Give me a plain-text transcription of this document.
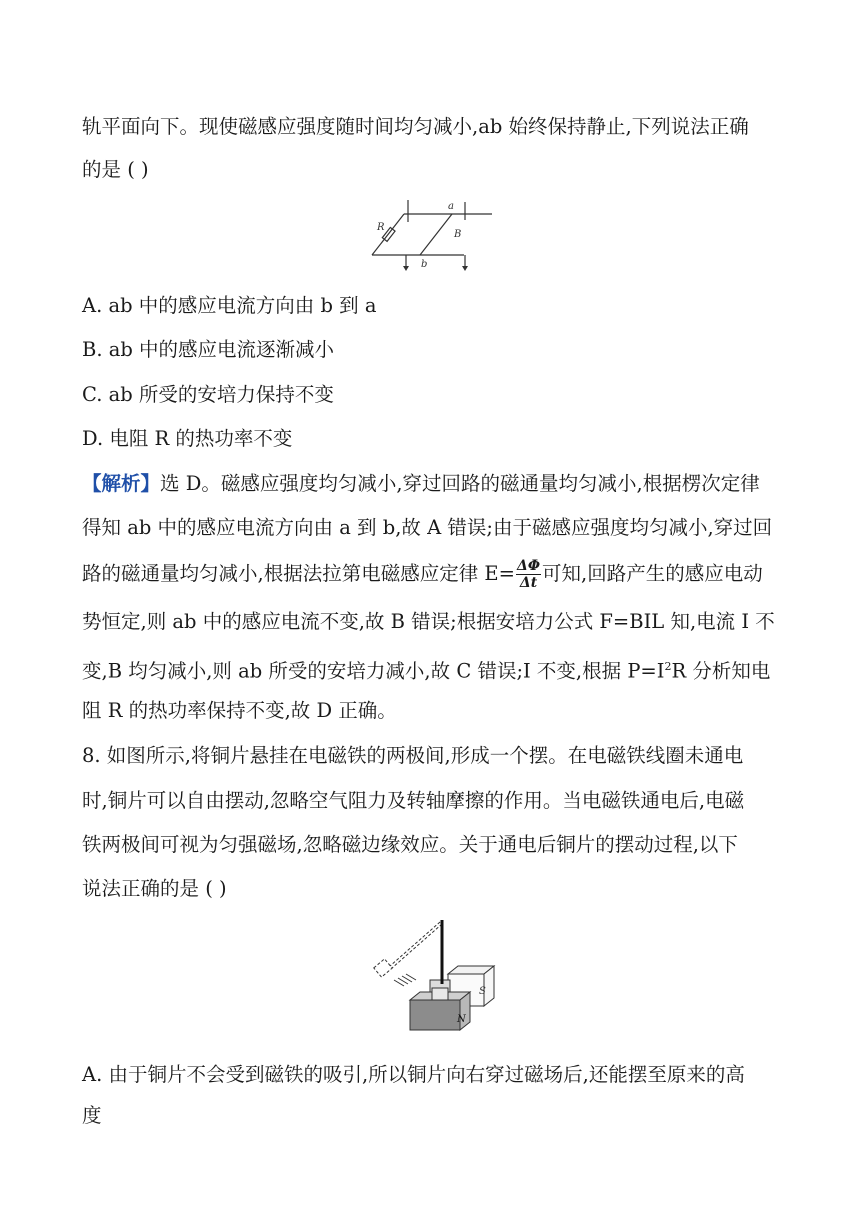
轨平面向下。现使磁感应强度随时间均匀减小,ab 始终保持静止,下列说法正确
的是 ( )
R
a
b
B
A. ab 中的感应电流方向由 b 到 a
B. ab 中的感应电流逐渐减小
C. ab 所受的安培力保持不变
D. 电阻 R 的热功率不变
【解析】选 D。磁感应强度均匀减小,穿过回路的磁通量均匀减小,根据楞次定律
得知 ab 中的感应电流方向由 a 到 b,故 A 错误;由于磁感应强度均匀减小,穿过回
路的磁通量均匀减小,根据法拉第电磁感应定律 $E= \frac{\Delta\Phi}{\Delta t}$ 可知,回路产生的感应电动
势恒定,则 ab 中的感应电流不变,故 B 错误;根据安培力公式 F=BIL 知,电流 I 不
变,B 均匀减小,则 ab 所受的安培力减小,故 C 错误;I 不变,根据 $P=I^2R$ 分析知电
阻 R 的热功率保持不变,故 D 正确。
8. 如图所示,将铜片悬挂在电磁铁的两极间,形成一个摆。在电磁铁线圈未通电
时,铜片可以自由摆动,忽略空气阻力及转轴摩擦的作用。当电磁铁通电后,电磁
铁两极间可视为匀强磁场,忽略磁边缘效应。关于通电后铜片的摆动过程,以下
说法正确的是 ( )
S
N
A. 由于铜片不会受到磁铁的吸引,所以铜片向右穿过磁场后,还能摆至原来的高
度
